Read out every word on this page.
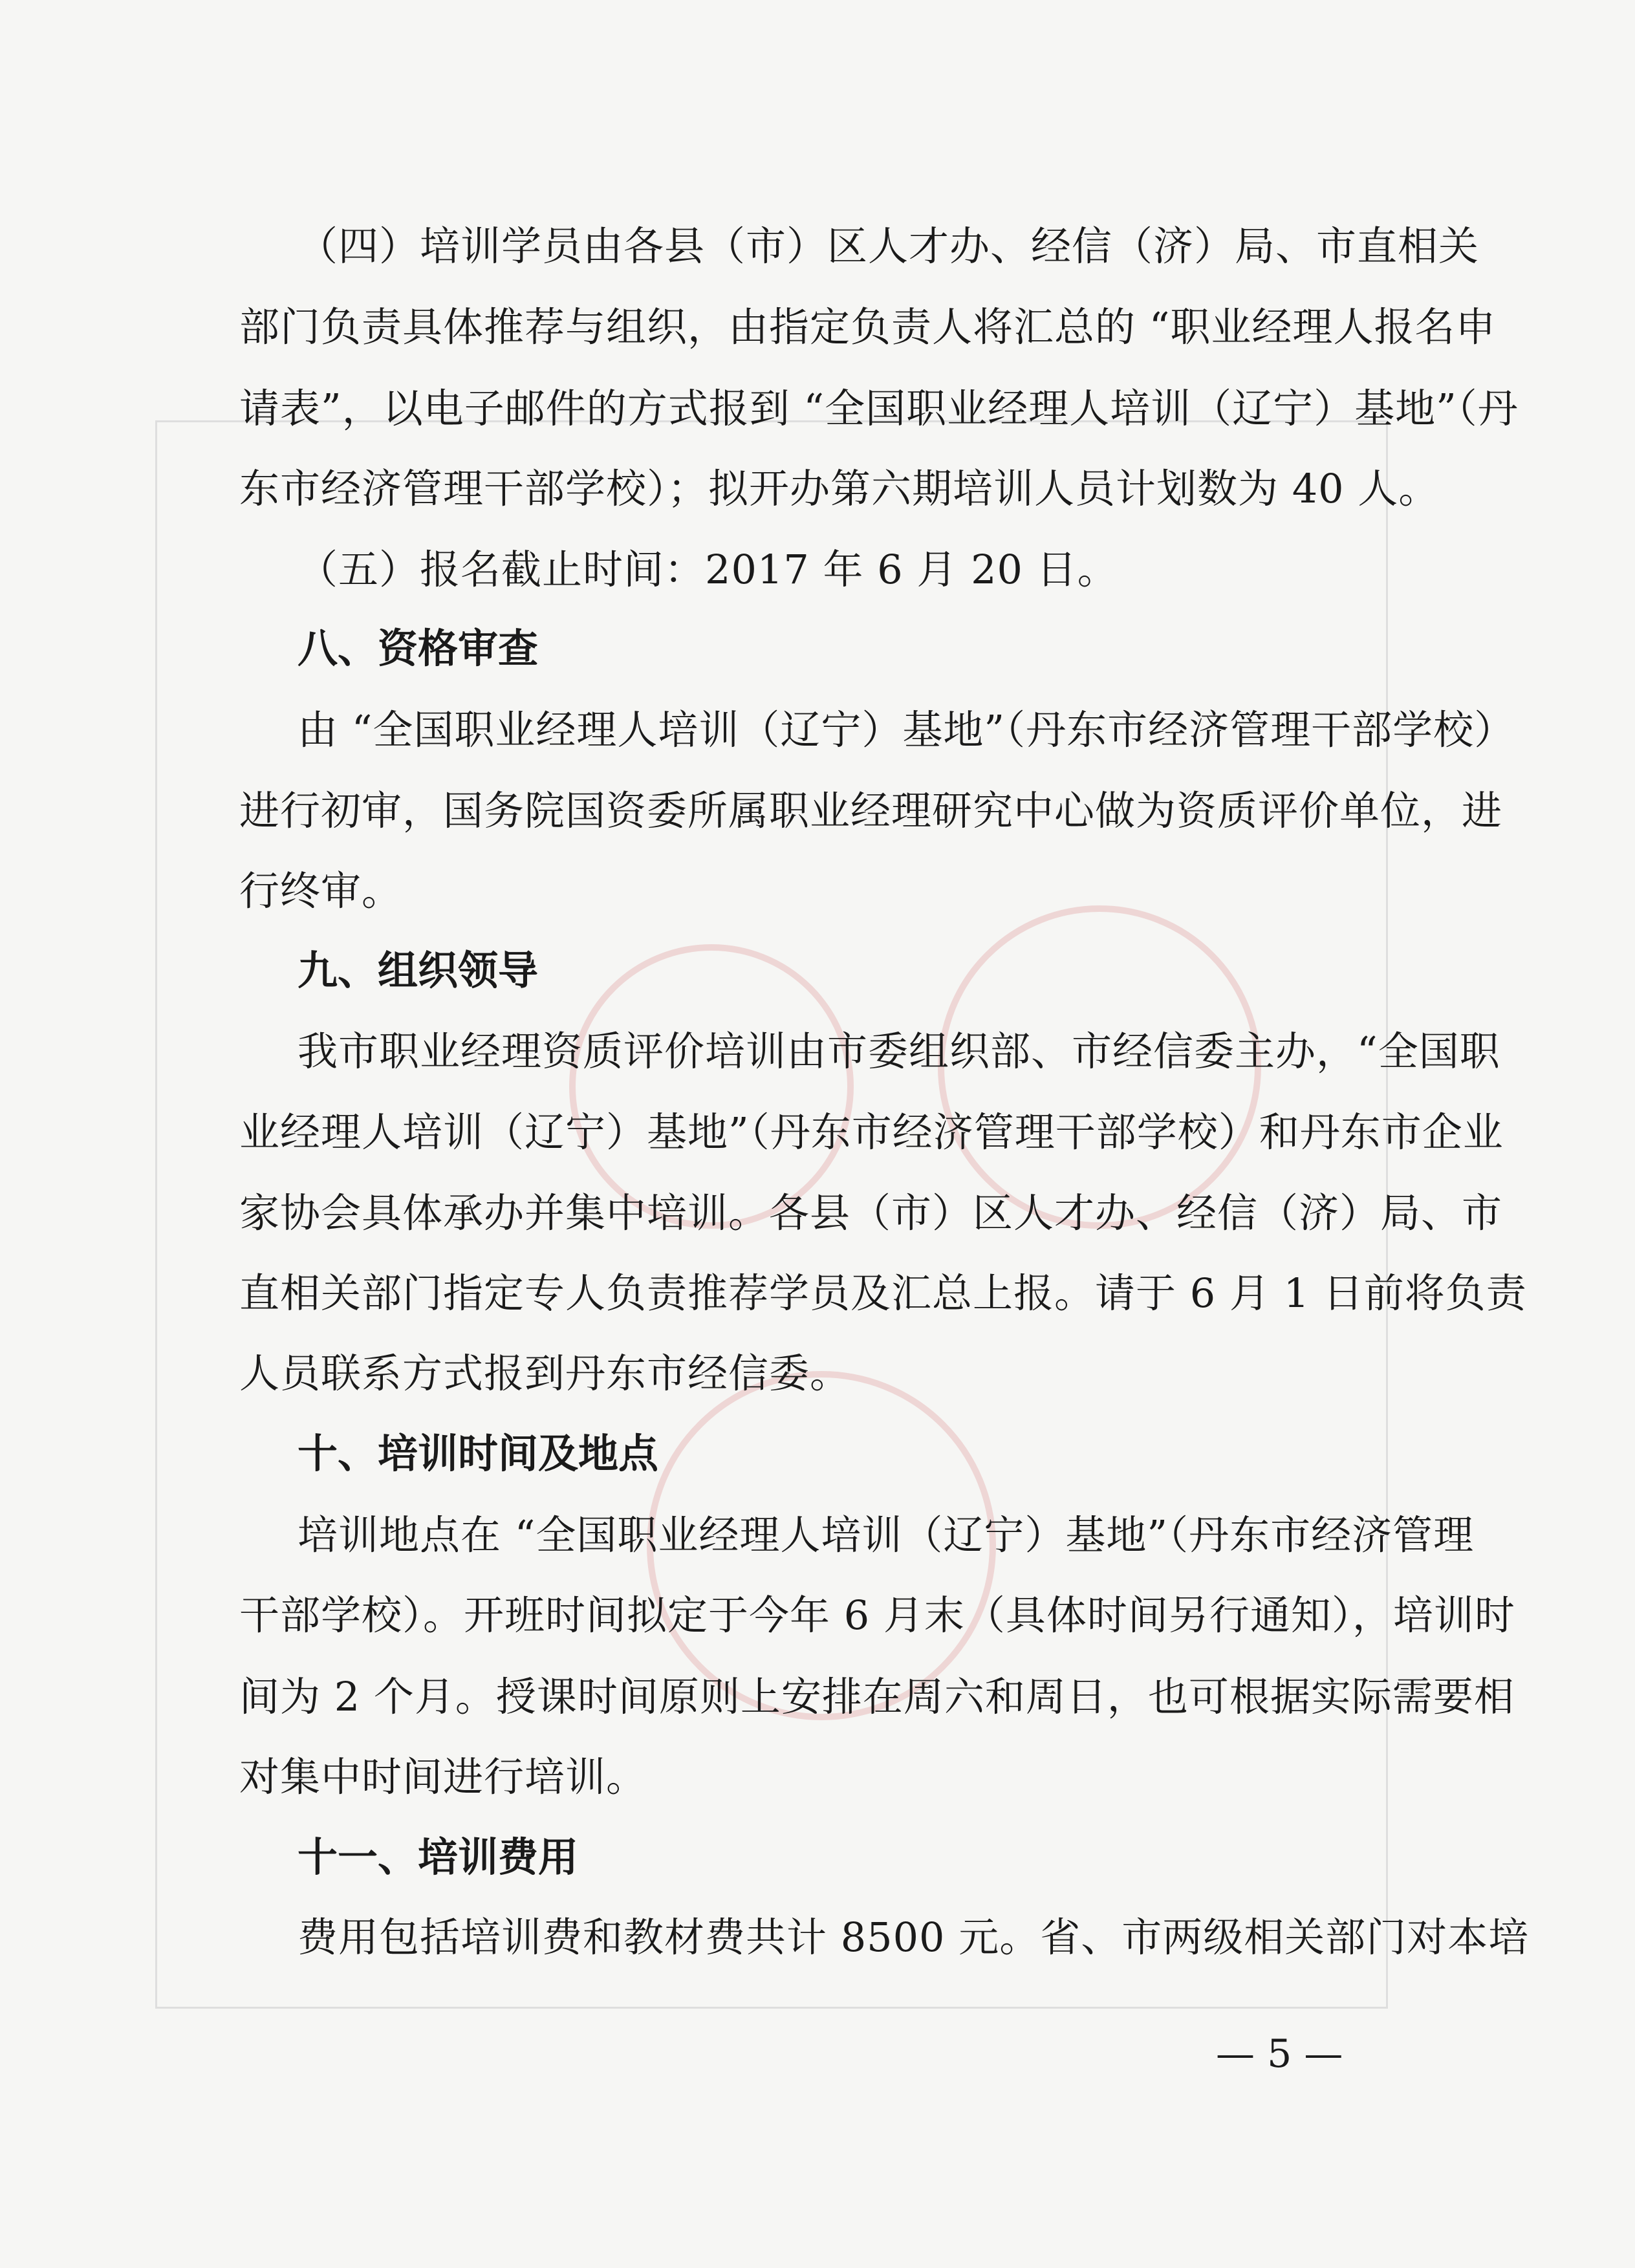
（四）培训学员由各县（市）区人才办、经信（济）局、市直相关
部门负责具体推荐与组织，由指定负责人将汇总的 “职业经理人报名申
请表”，以电子邮件的方式报到 “全国职业经理人培训（辽宁）基地”（丹
东市经济管理干部学校）；拟开办第六期培训人员计划数为 40 人。
（五）报名截止时间：2017 年 6 月 20 日。
八、资格审查
由 “全国职业经理人培训（辽宁）基地”（丹东市经济管理干部学校）
进行初审，国务院国资委所属职业经理研究中心做为资质评价单位，进
行终审。
九、组织领导
我市职业经理资质评价培训由市委组织部、市经信委主办，“全国职
业经理人培训（辽宁）基地”（丹东市经济管理干部学校）和丹东市企业
家协会具体承办并集中培训。各县（市）区人才办、经信（济）局、市
直相关部门指定专人负责推荐学员及汇总上报。请于 6 月 1 日前将负责
人员联系方式报到丹东市经信委。
十、培训时间及地点
培训地点在 “全国职业经理人培训（辽宁）基地”（丹东市经济管理
干部学校）。开班时间拟定于今年 6 月末（具体时间另行通知），培训时
间为 2 个月。授课时间原则上安排在周六和周日，也可根据实际需要相
对集中时间进行培训。
十一、培训费用
费用包括培训费和教材费共计 8500 元。省、市两级相关部门对本培
— 5 —
